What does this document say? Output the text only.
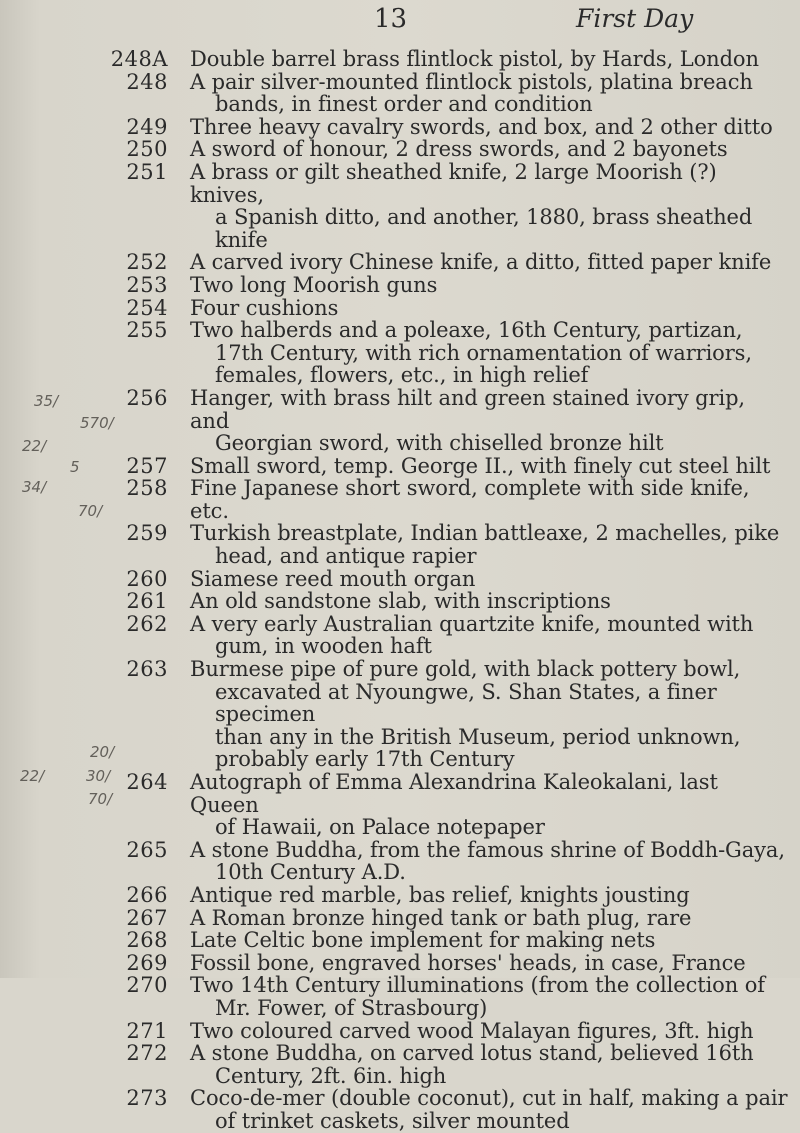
13	First Day
35/
570/
22/
5
34/
70/
20/
22/	30/
70/
248A Double barrel brass flintlock pistol, by Hards, London
248 A pair silver-mounted flintlock pistols, platina breach
bands, in finest order and condition
249 Three heavy cavalry swords, and box, and 2 other ditto
250 A sword of honour, 2 dress swords, and 2 bayonets
251 A brass or gilt sheathed knife, 2 large Moorish (?) knives,
a Spanish ditto, and another, 1880, brass sheathed knife
252 A carved ivory Chinese knife, a ditto, fitted paper knife
253 Two long Moorish guns
254 Four cushions
255 Two halberds and a poleaxe, 16th Century, partizan,
17th Century, with rich ornamentation of warriors,
females, flowers, etc., in high relief
256 Hanger, with brass hilt and green stained ivory grip, and
Georgian sword, with chiselled bronze hilt
257 Small sword, temp. George II., with finely cut steel hilt
258 Fine Japanese short sword, complete with side knife, etc.
259 Turkish breastplate, Indian battleaxe, 2 machelles, pike
head, and antique rapier
260 Siamese reed mouth organ
261 An old sandstone slab, with inscriptions
262 A very early Australian quartzite knife, mounted with
gum, in wooden haft
263 Burmese pipe of pure gold, with black pottery bowl,
excavated at Nyoungwe, S. Shan States, a finer specimen
than any in the British Museum, period unknown,
probably early 17th Century
264 Autograph of Emma Alexandrina Kaleokalani, last Queen
of Hawaii, on Palace notepaper
265 A stone Buddha, from the famous shrine of Boddh-Gaya,
10th Century A.D.
266 Antique red marble, bas relief, knights jousting
267 A Roman bronze hinged tank or bath plug, rare
268 Late Celtic bone implement for making nets
269 Fossil bone, engraved horses' heads, in case, France
270 Two 14th Century illuminations (from the collection of
Mr. Fower, of Strasbourg)
271 Two coloured carved wood Malayan figures, 3ft. high
272 A stone Buddha, on carved lotus stand, believed 16th
Century, 2ft. 6in. high
273 Coco-de-mer (double coconut), cut in half, making a pair
of trinket caskets, silver mounted
